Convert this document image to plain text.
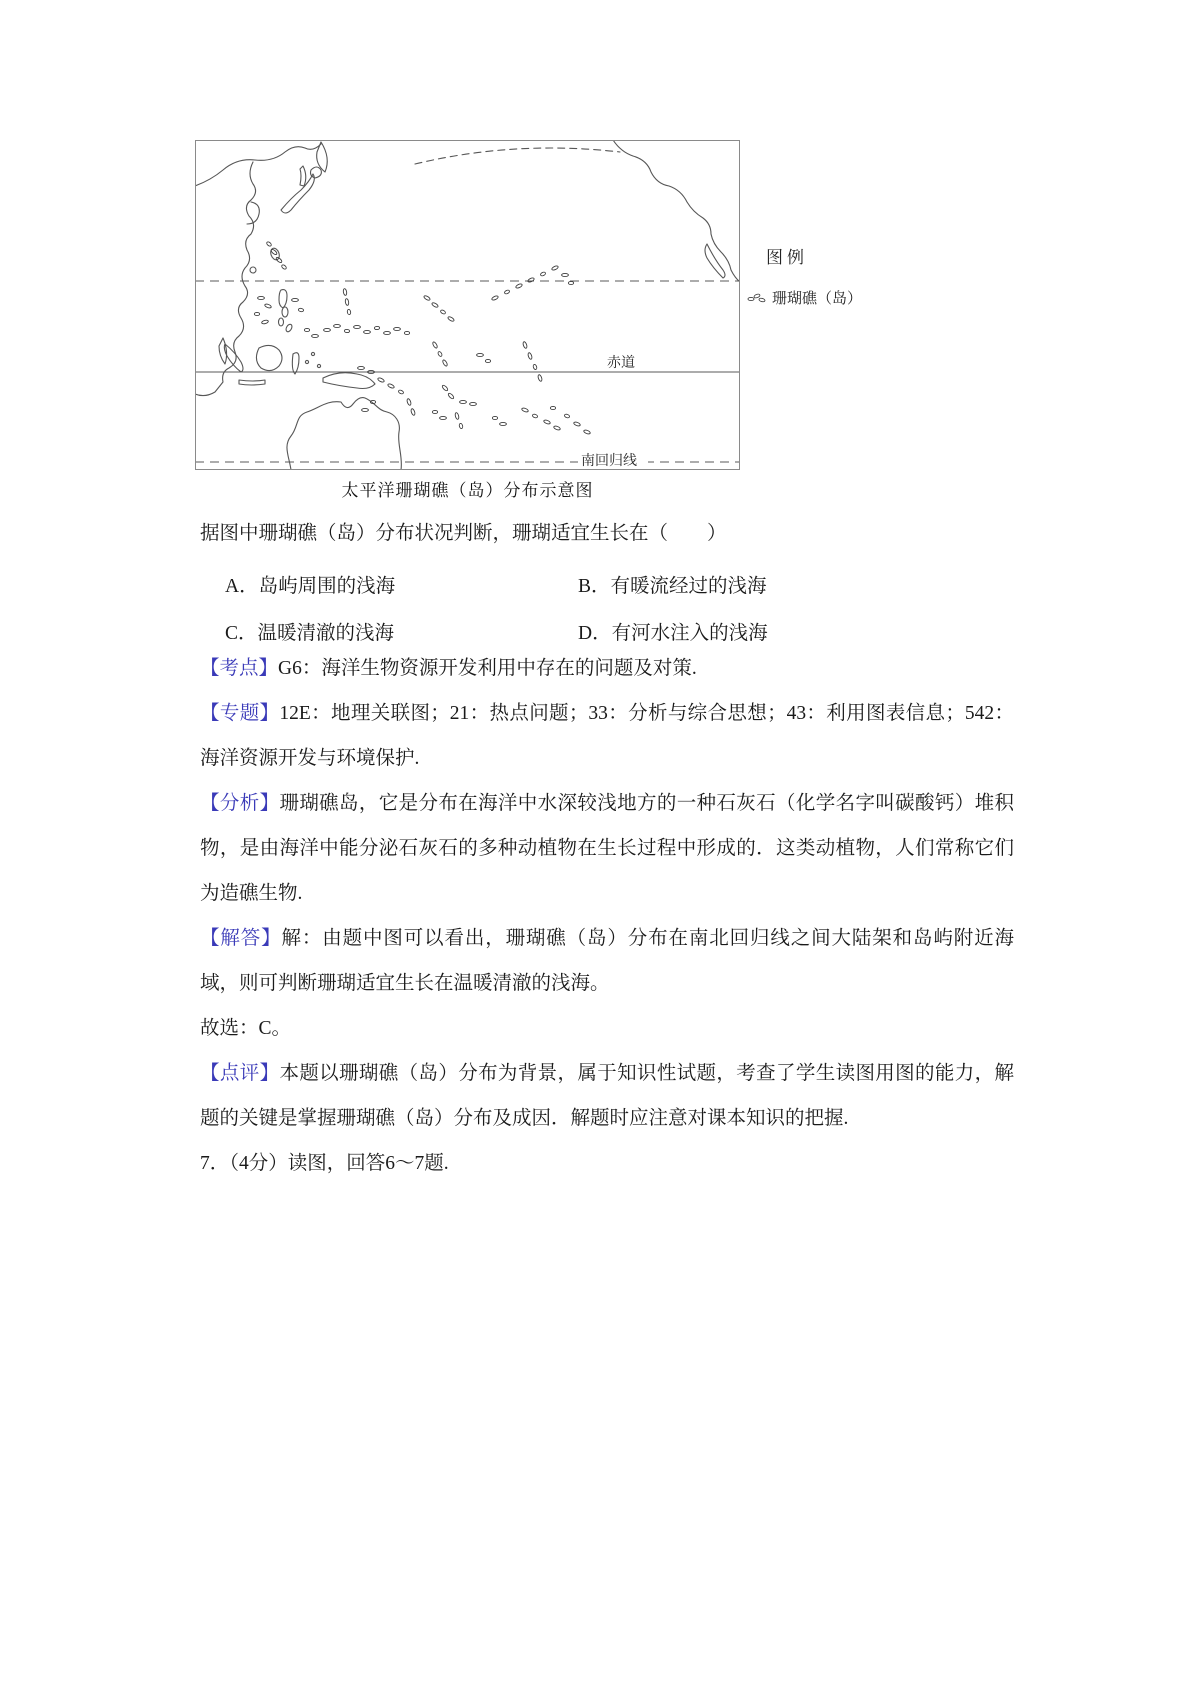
赤道
南回归线
图例
珊瑚礁（岛）
太平洋珊瑚礁（岛）分布示意图
据图中珊瑚礁（岛）分布状况判断，珊瑚适宜生长在（　　）
A．岛屿周围的浅海	B．有暖流经过的浅海
C．温暖清澈的浅海	D．有河水注入的浅海

【考点】G6：海洋生物资源开发利用中存在的问题及对策.

【专题】12E：地理关联图；21：热点问题；33：分析与综合思想；43：利用图表信息；542：海洋资源开发与环境保护.

【分析】珊瑚礁岛，它是分布在海洋中水深较浅地方的一种石灰石（化学名字叫碳酸钙）堆积物，是由海洋中能分泌石灰石的多种动植物在生长过程中形成的．这类动植物，人们常称它们为造礁生物.

【解答】解：由题中图可以看出，珊瑚礁（岛）分布在南北回归线之间大陆架和岛屿附近海域，则可判断珊瑚适宜生长在温暖清澈的浅海。

故选：C。

【点评】本题以珊瑚礁（岛）分布为背景，属于知识性试题，考查了学生读图用图的能力，解题的关键是掌握珊瑚礁（岛）分布及成因．解题时应注意对课本知识的把握.

7．（4分）读图，回答6～7题.
